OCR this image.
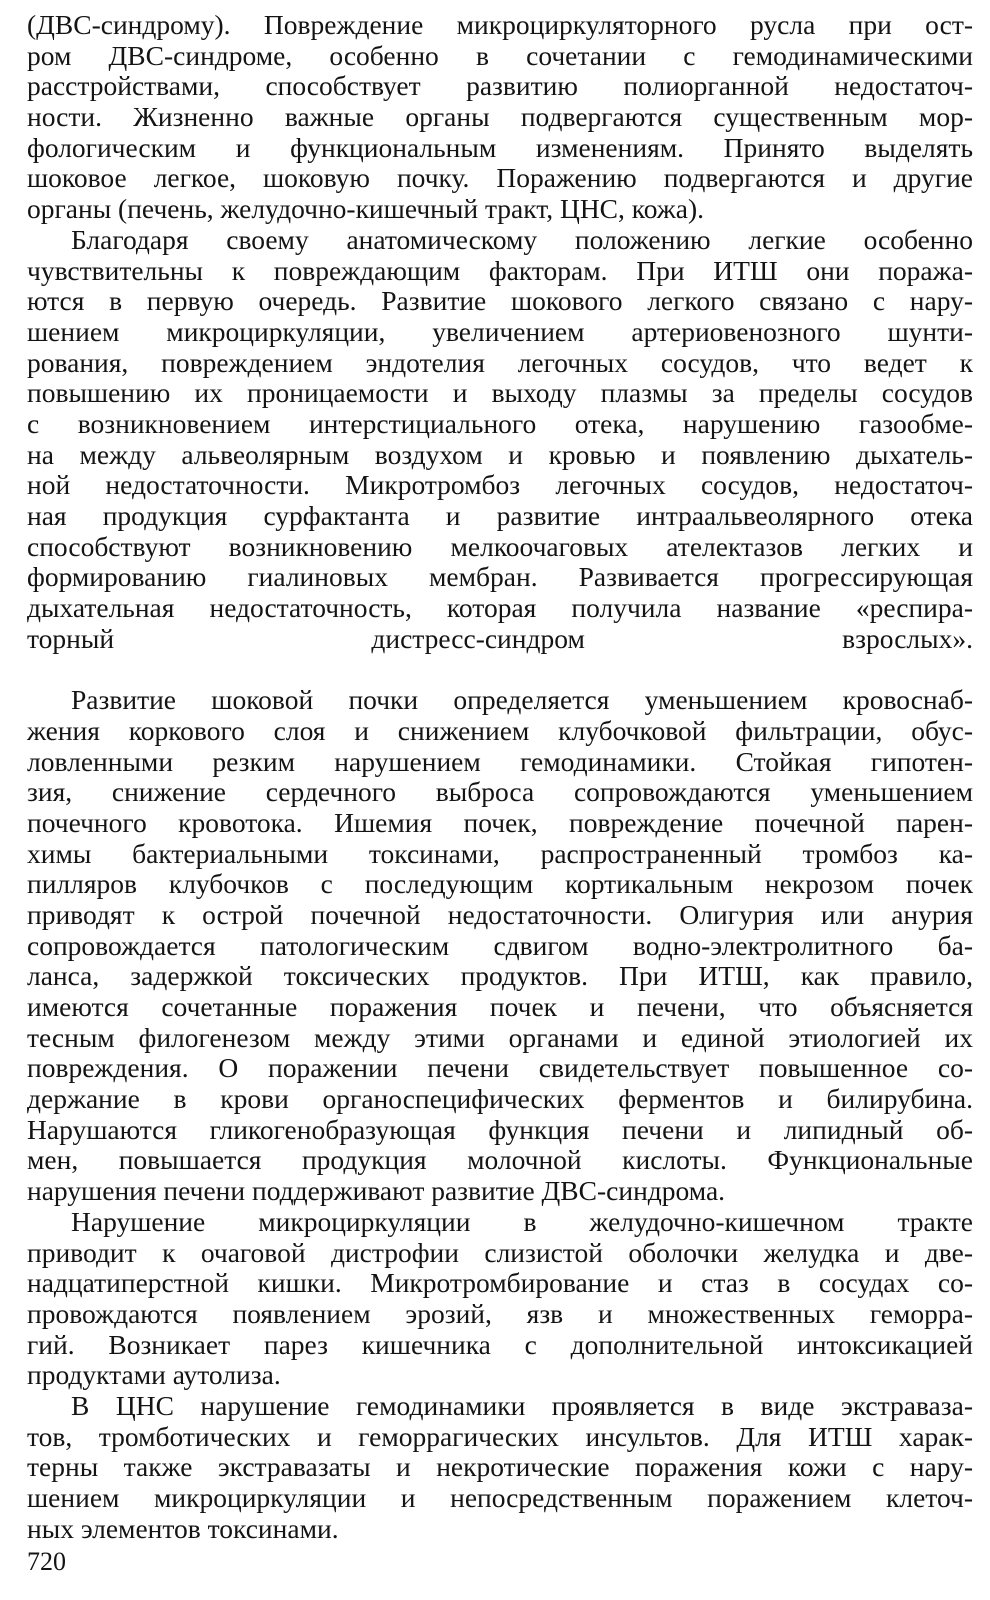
(ДВС-синдрому). Повреждение микроциркуляторного русла при ост-
ром ДВС-синдроме, особенно в сочетании с гемодинамическими
расстройствами, способствует развитию полиорганной недостаточ-
ности. Жизненно важные органы подвергаются существенным мор-
фологическим и функциональным изменениям. Принято выделять
шоковое легкое, шоковую почку. Поражению подвергаются и другие
органы (печень, желудочно-кишечный тракт, ЦНС, кожа).
Благодаря своему анатомическому положению легкие особенно
чувствительны к повреждающим факторам. При ИТШ они поража-
ются в первую очередь. Развитие шокового легкого связано с нару-
шением микроциркуляции, увеличением артериовенозного шунти-
рования, повреждением эндотелия легочных сосудов, что ведет к
повышению их проницаемости и выходу плазмы за пределы сосудов
с возникновением интерстициального отека, нарушению газообме-
на между альвеолярным воздухом и кровью и появлению дыхатель-
ной недостаточности. Микротромбоз легочных сосудов, недостаточ-
ная продукция сурфактанта и развитие интраальвеолярного отека
способствуют возникновению мелкоочаговых ателектазов легких и
формированию гиалиновых мембран. Развивается прогрессирующая
дыхательная недостаточность, которая получила название «респира-
торный дистресс-синдром взрослых».
Развитие шоковой почки определяется уменьшением кровоснаб-
жения коркового слоя и снижением клубочковой фильтрации, обус-
ловленными резким нарушением гемодинамики. Стойкая гипотен-
зия, снижение сердечного выброса сопровождаются уменьшением
почечного кровотока. Ишемия почек, повреждение почечной парен-
химы бактериальными токсинами, распространенный тромбоз ка-
пилляров клубочков с последующим кортикальным некрозом почек
приводят к острой почечной недостаточности. Олигурия или анурия
сопровождается патологическим сдвигом водно-электролитного ба-
ланса, задержкой токсических продуктов. При ИТШ, как правило,
имеются сочетанные поражения почек и печени, что объясняется
тесным филогенезом между этими органами и единой этиологией их
повреждения. О поражении печени свидетельствует повышенное со-
держание в крови органоспецифических ферментов и билирубина.
Нарушаются гликогенобразующая функция печени и липидный об-
мен, повышается продукция молочной кислоты. Функциональные
нарушения печени поддерживают развитие ДВС-синдрома.
Нарушение микроциркуляции в желудочно-кишечном тракте
приводит к очаговой дистрофии слизистой оболочки желудка и две-
надцатиперстной кишки. Микротромбирование и стаз в сосудах со-
провождаются появлением эрозий, язв и множественных геморра-
гий. Возникает парез кишечника с дополнительной интоксикацией
продуктами аутолиза.
В ЦНС нарушение гемодинамики проявляется в виде экстраваза-
тов, тромботических и геморрагических инсультов. Для ИТШ харак-
терны также экстравазаты и некротические поражения кожи с нару-
шением микроциркуляции и непосредственным поражением клеточ-
ных элементов токсинами.
720
